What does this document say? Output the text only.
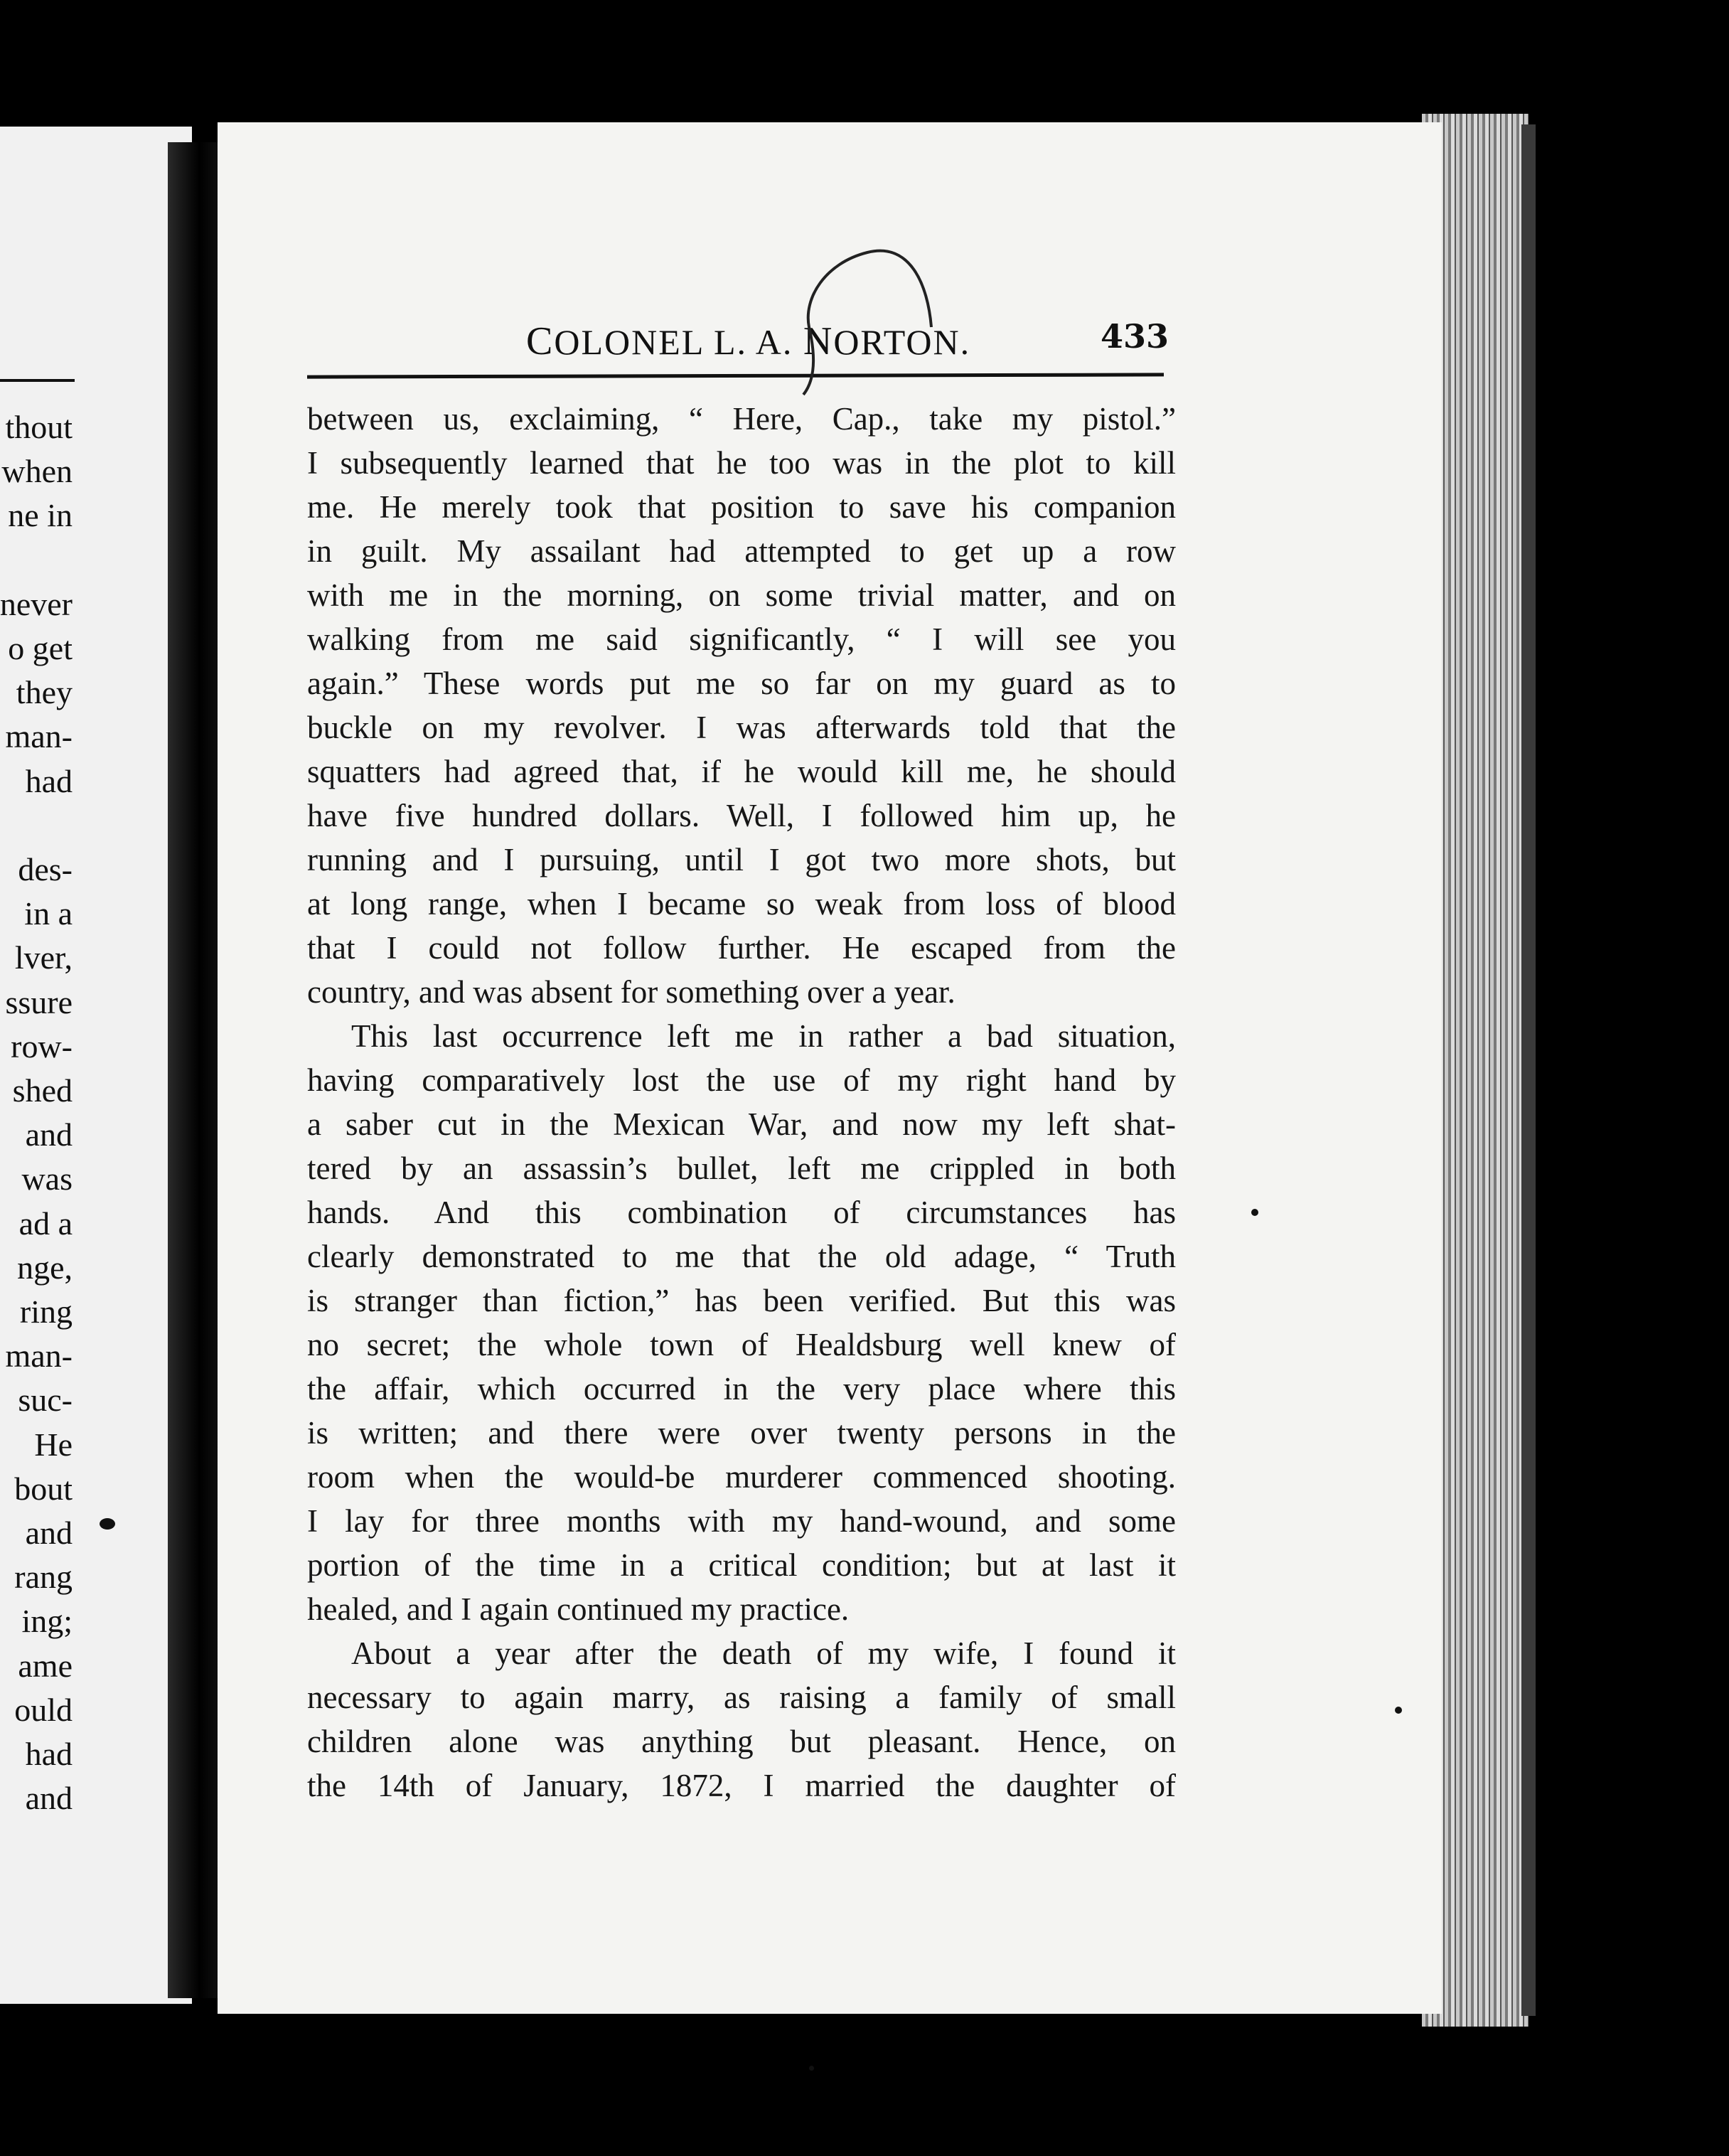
thout
when
ne in
never
o get
they
man-
had
des-
in a
lver,
ssure
row-
shed
and
was
ad a
nge,
ring
man-
suc-
He
bout
and
rang
ing;
ame
ould
had
and
COLONEL L. A. NORTON.	433
between us, exclaiming, “ Here, Cap., take my pistol.”
I subsequently learned that he too was in the plot to kill
me. He merely took that position to save his companion
in guilt. My assailant had attempted to get up a row
with me in the morning, on some trivial matter, and on
walking from me said significantly, “ I will see you
again.” These words put me so far on my guard as to
buckle on my revolver. I was afterwards told that the
squatters had agreed that, if he would kill me, he should
have five hundred dollars. Well, I followed him up, he
running and I pursuing, until I got two more shots, but
at long range, when I became so weak from loss of blood
that I could not follow further. He escaped from the
country, and was absent for something over a year.
This last occurrence left me in rather a bad situation,
having comparatively lost the use of my right hand by
a saber cut in the Mexican War, and now my left shat-
tered by an assassin’s bullet, left me crippled in both
hands. And this combination of circumstances has
clearly demonstrated to me that the old adage, “ Truth
is stranger than fiction,” has been verified. But this was
no secret; the whole town of Healdsburg well knew of
the affair, which occurred in the very place where this
is written; and there were over twenty persons in the
room when the would-be murderer commenced shooting.
I lay for three months with my hand-wound, and some
portion of the time in a critical condition; but at last it
healed, and I again continued my practice.
About a year after the death of my wife, I found it
necessary to again marry, as raising a family of small
children alone was anything but pleasant. Hence, on
the 14th of January, 1872, I married the daughter of
